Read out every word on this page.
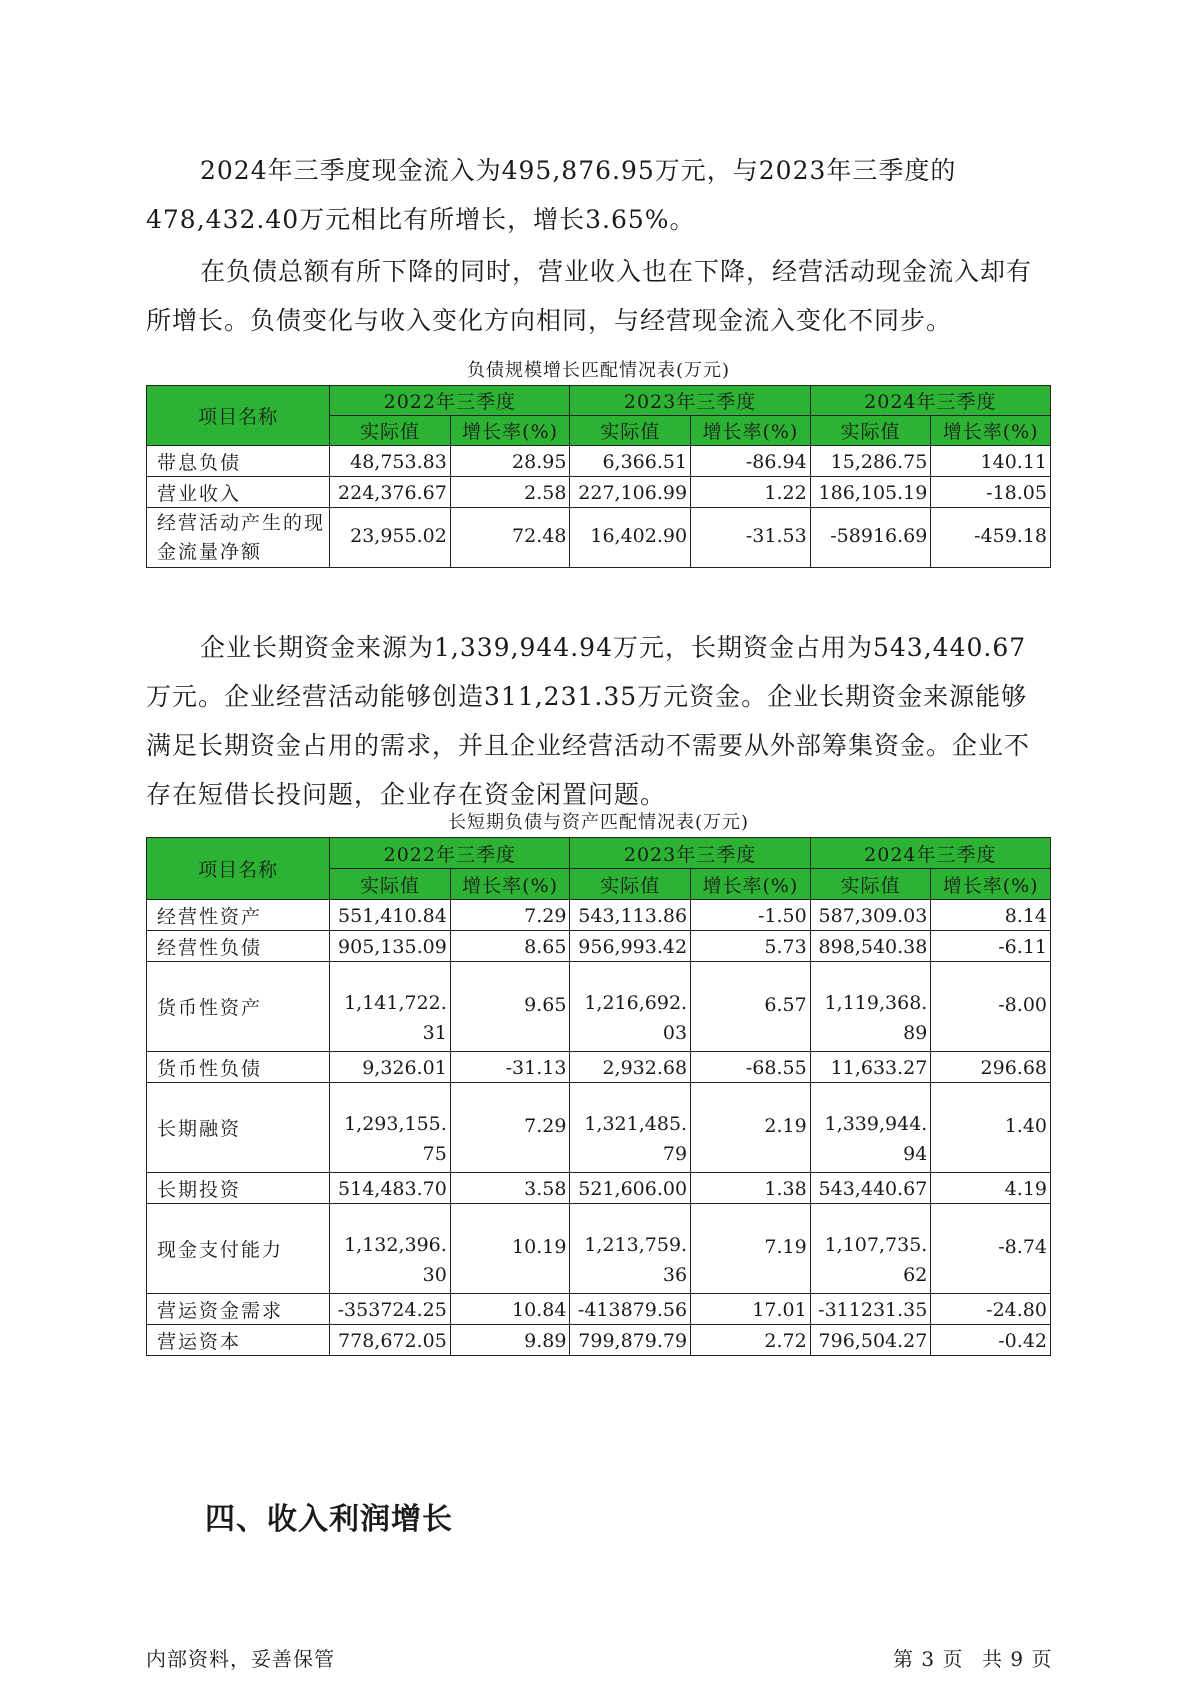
2024年三季度现金流入为495,876.95万元，与2023年三季度的478,432.40万元相比有所增长，增长3.65%。

在负债总额有所下降的同时，营业收入也在下降，经营活动现金流入却有所增长。负债变化与收入变化方向相同，与经营现金流入变化不同步。

负债规模增长匹配情况表(万元)
项目名称	2022年三季度		2023年三季度		2024年三季度	
	实际值	增长率(%)	实际值	增长率(%)	实际值	增长率(%)
带息负债	48,753.83	28.95	6,366.51	-86.94	15,286.75	140.11
营业收入	224,376.67	2.58	227,106.99	1.22	186,105.19	-18.05
经营活动产生的现金流量净额	23,955.02	72.48	16,402.90	-31.53	-58916.69	-459.18

企业长期资金来源为1,339,944.94万元，长期资金占用为543,440.67万元。企业经营活动能够创造311,231.35万元资金。企业长期资金来源能够满足长期资金占用的需求，并且企业经营活动不需要从外部筹集资金。企业不存在短借长投问题，企业存在资金闲置问题。

长短期负债与资产匹配情况表(万元)
项目名称	2022年三季度		2023年三季度		2024年三季度	
	实际值	增长率(%)	实际值	增长率(%)	实际值	增长率(%)
经营性资产	551,410.84	7.29	543,113.86	-1.50	587,309.03	8.14
经营性负债	905,135.09	8.65	956,993.42	5.73	898,540.38	-6.11
货币性资产	1,141,722.31	9.65	1,216,692.03	6.57	1,119,368.89	-8.00
货币性负债	9,326.01	-31.13	2,932.68	-68.55	11,633.27	296.68
长期融资	1,293,155.75	7.29	1,321,485.79	2.19	1,339,944.94	1.40
长期投资	514,483.70	3.58	521,606.00	1.38	543,440.67	4.19
现金支付能力	1,132,396.30	10.19	1,213,759.36	7.19	1,107,735.62	-8.74
营运资金需求	-353724.25	10.84	-413879.56	17.01	-311231.35	-24.80
营运资本	778,672.05	9.89	799,879.79	2.72	796,504.27	-0.42
四、收入利润增长
内部资料，妥善保管	第 3 页 共 9 页
